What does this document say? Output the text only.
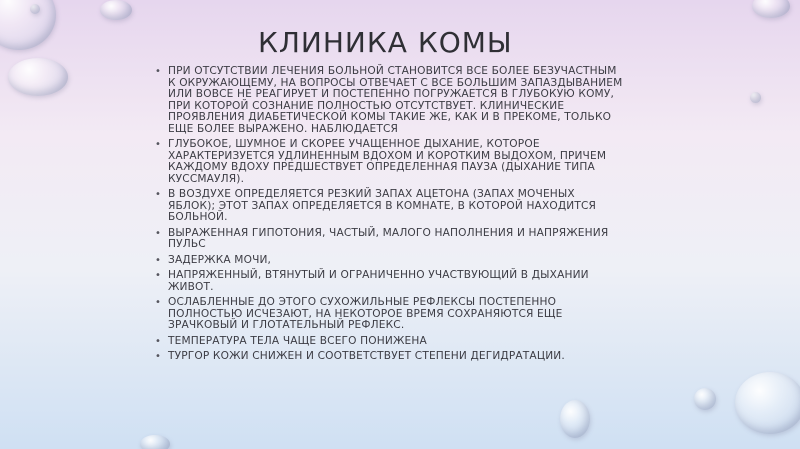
КЛИНИКА КОМЫ
• ПРИ ОТСУТСТВИИ ЛЕЧЕНИЯ БОЛЬНОЙ СТАНОВИТСЯ ВСЕ БОЛЕЕ БЕЗУЧАСТНЫМ К ОКРУЖАЮЩЕМУ, НА ВОПРОСЫ ОТВЕЧАЕТ С ВСЕ БОЛЬШИМ ЗАПАЗДЫВАНИЕМ ИЛИ ВОВСЕ НЕ РЕАГИРУЕТ И ПОСТЕПЕННО ПОГРУЖАЕТСЯ В ГЛУБОКУЮ КОМУ, ПРИ КОТОРОЙ СОЗНАНИЕ ПОЛНОСТЬЮ ОТСУТСТВУЕТ. КЛИНИЧЕСКИЕ ПРОЯВЛЕНИЯ ДИАБЕТИЧЕСКОЙ КОМЫ ТАКИЕ ЖЕ, КАК И В ПРЕКОМЕ, ТОЛЬКО ЕЩЕ БОЛЕЕ ВЫРАЖЕНО. НАБЛЮДАЕТСЯ
• ГЛУБОКОЕ, ШУМНОЕ И СКОРЕЕ УЧАЩЕННОЕ ДЫХАНИЕ, КОТОРОЕ ХАРАКТЕРИЗУЕТСЯ УДЛИНЕННЫМ ВДОХОМ И КОРОТКИМ ВЫДОХОМ, ПРИЧЕМ КАЖДОМУ ВДОХУ ПРЕДШЕСТВУЕТ ОПРЕДЕЛЕННАЯ ПАУЗА (ДЫХАНИЕ ТИПА КУССМАУЛЯ).
• В ВОЗДУХЕ ОПРЕДЕЛЯЕТСЯ РЕЗКИЙ ЗАПАХ АЦЕТОНА (ЗАПАХ МОЧЕНЫХ ЯБЛОК); ЭТОТ ЗАПАХ ОПРЕДЕЛЯЕТСЯ В КОМНАТЕ, В КОТОРОЙ НАХОДИТСЯ БОЛЬНОЙ.
• ВЫРАЖЕННАЯ ГИПОТОНИЯ, ЧАСТЫЙ, МАЛОГО НАПОЛНЕНИЯ И НАПРЯЖЕНИЯ ПУЛЬС
• ЗАДЕРЖКА МОЧИ,
• НАПРЯЖЕННЫЙ, ВТЯНУТЫЙ И ОГРАНИЧЕННО УЧАСТВУЮЩИЙ В ДЫХАНИИ ЖИВОТ.
• ОСЛАБЛЕННЫЕ ДО ЭТОГО СУХОЖИЛЬНЫЕ РЕФЛЕКСЫ ПОСТЕПЕННО ПОЛНОСТЬЮ ИСЧЕЗАЮТ, НА НЕКОТОРОЕ ВРЕМЯ СОХРАНЯЮТСЯ ЕЩЕ ЗРАЧКОВЫЙ И ГЛОТАТЕЛЬНЫЙ РЕФЛЕКС.
• ТЕМПЕРАТУРА ТЕЛА ЧАЩЕ ВСЕГО ПОНИЖЕНА
• ТУРГОР КОЖИ СНИЖЕН И СООТВЕТСТВУЕТ СТЕПЕНИ ДЕГИДРАТАЦИИ.
